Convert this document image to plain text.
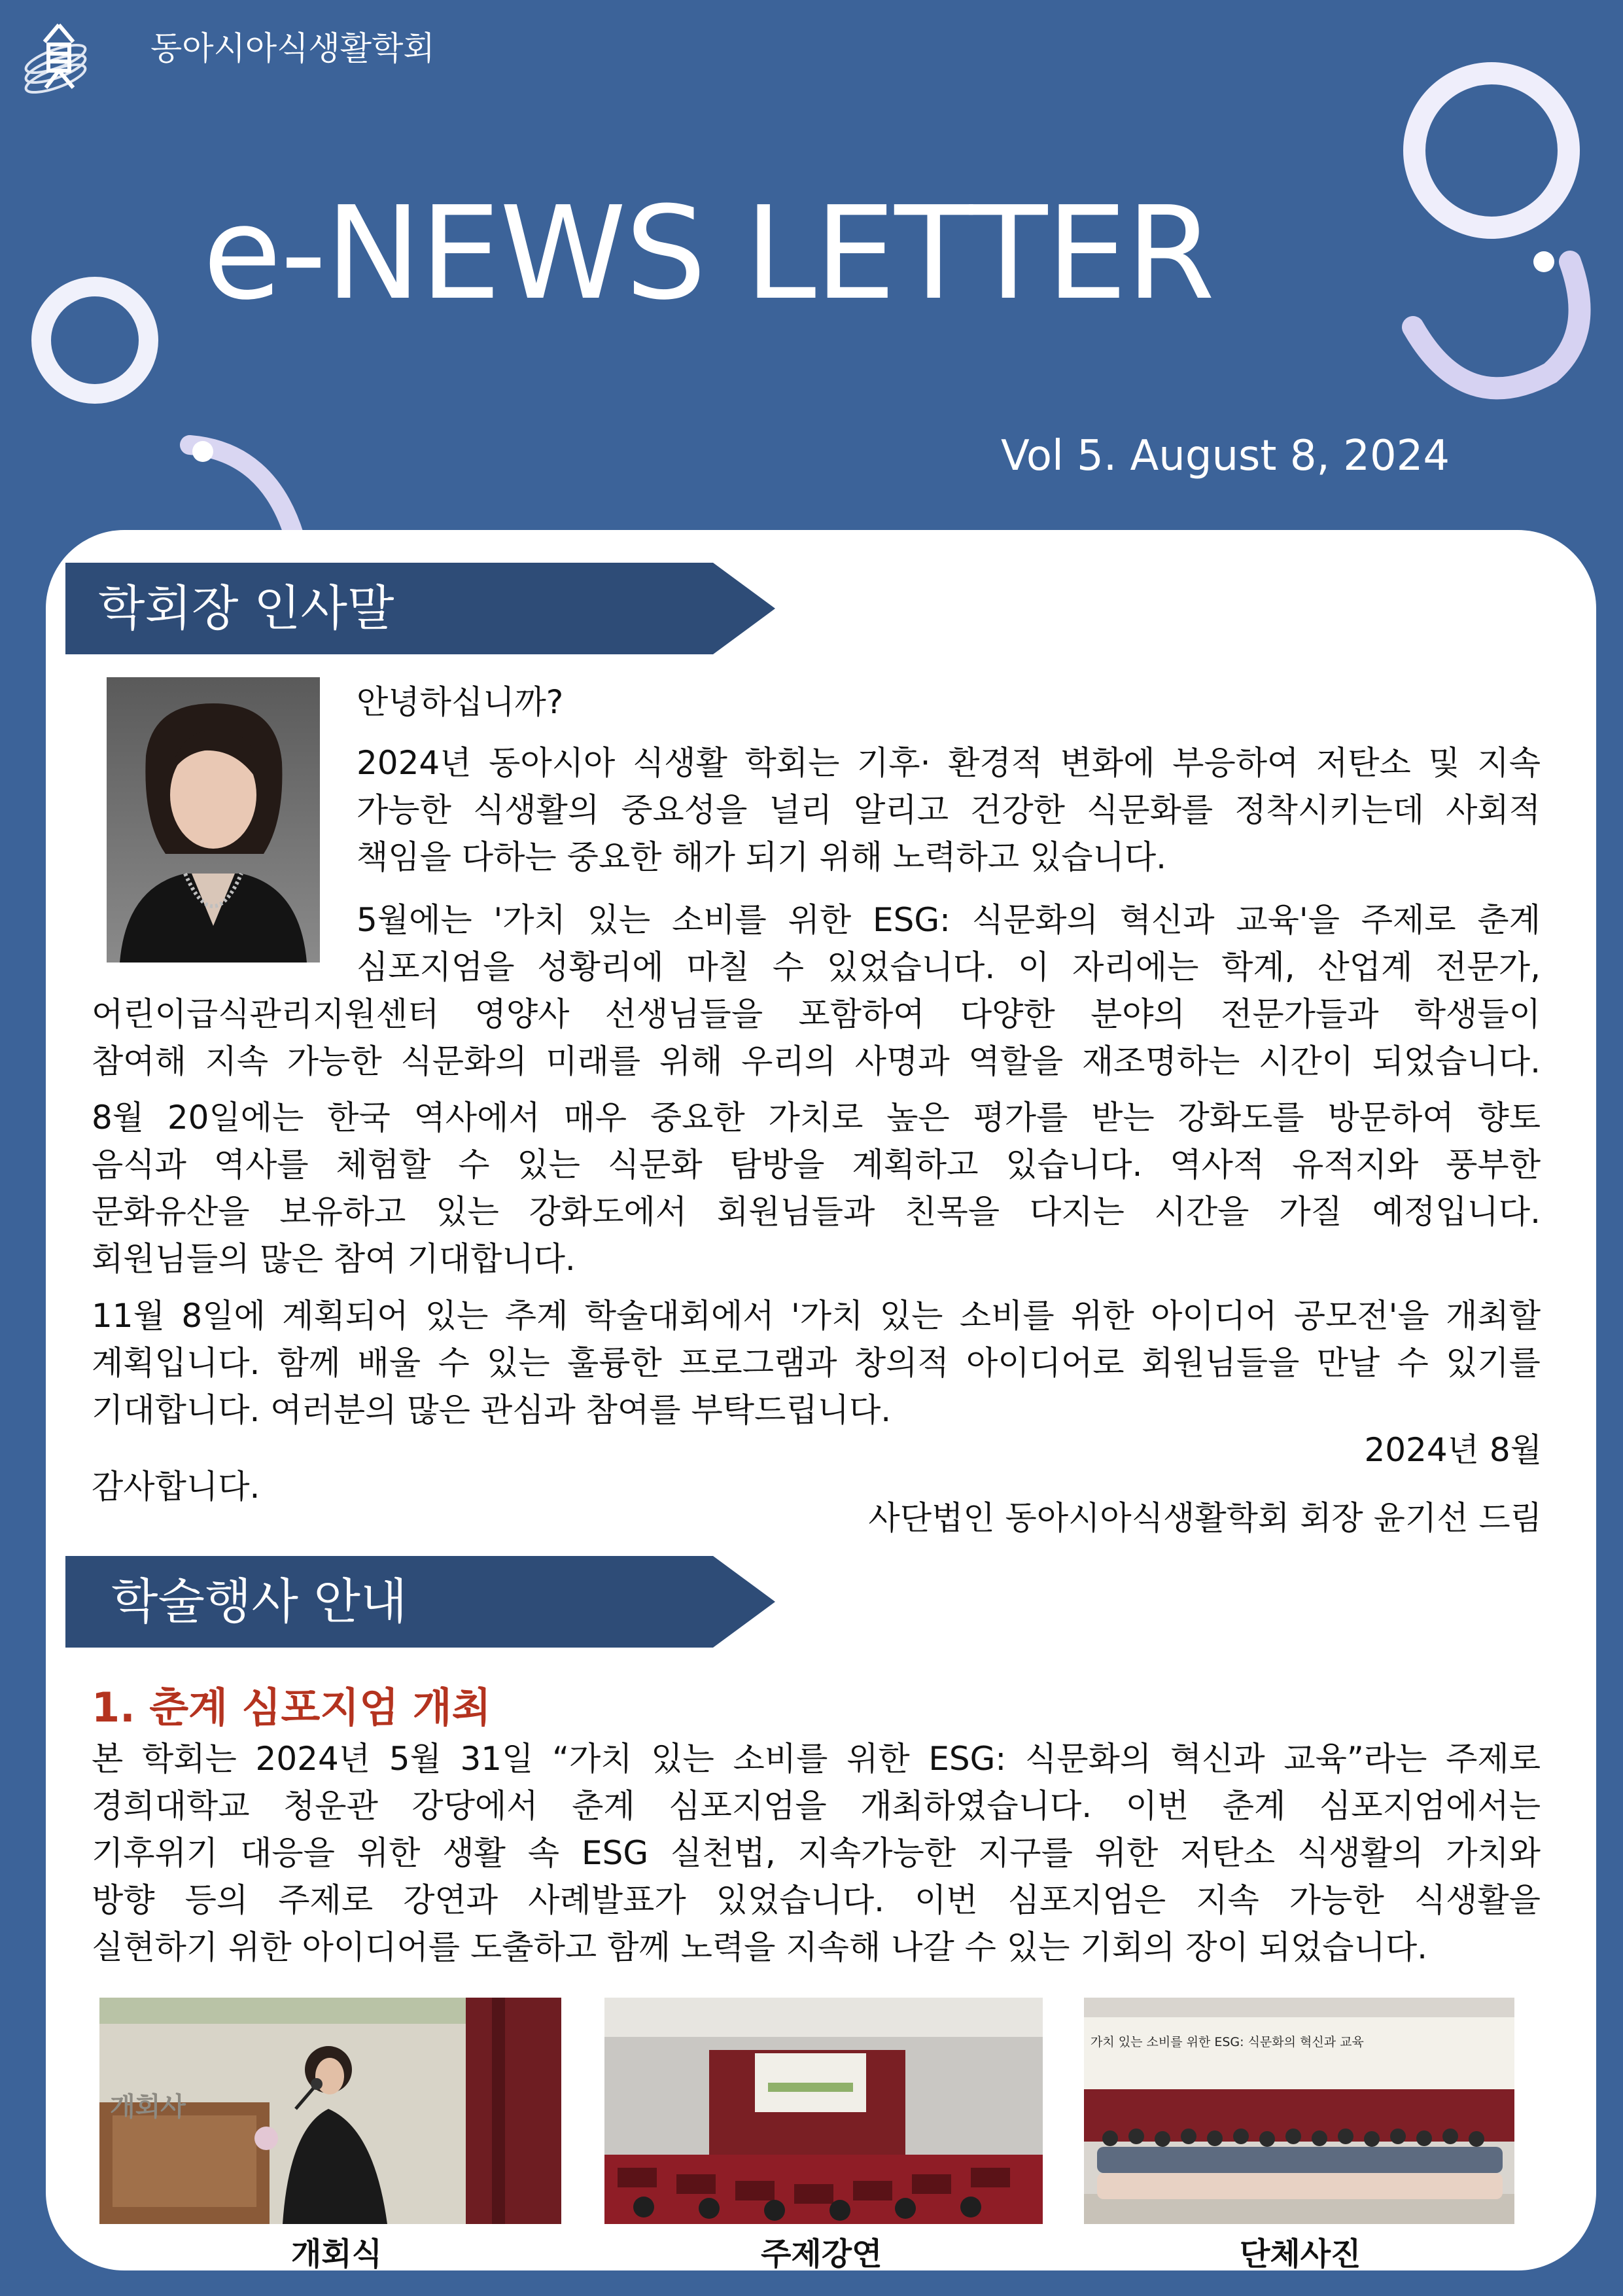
동아시아식생활학회
e-NEWS LETTER
Vol 5. August 8, 2024
학회장 인사말
안녕하십니까?
2024년 동아시아 식생활 학회는 기후· 환경적 변화에 부응하여 저탄소 및 지속
가능한 식생활의 중요성을 널리 알리고 건강한 식문화를 정착시키는데 사회적
책임을 다하는 중요한 해가 되기 위해 노력하고 있습니다.
5월에는 '가치 있는 소비를 위한 ESG: 식문화의 혁신과 교육'을 주제로 춘계
심포지엄을 성황리에 마칠 수 있었습니다. 이 자리에는 학계, 산업계 전문가,
어린이급식관리지원센터 영양사 선생님들을 포함하여 다양한 분야의 전문가들과 학생들이
참여해 지속 가능한 식문화의 미래를 위해 우리의 사명과 역할을 재조명하는 시간이 되었습니다.
8월 20일에는 한국 역사에서 매우 중요한 가치로 높은 평가를 받는 강화도를 방문하여 향토
음식과 역사를 체험할 수 있는 식문화 탐방을 계획하고 있습니다. 역사적 유적지와 풍부한
문화유산을 보유하고 있는 강화도에서 회원님들과 친목을 다지는 시간을 가질 예정입니다.
회원님들의 많은 참여 기대합니다.
11월 8일에 계획되어 있는 추계 학술대회에서 '가치 있는 소비를 위한 아이디어 공모전'을 개최할
계획입니다. 함께 배울 수 있는 훌륭한 프로그램과 창의적 아이디어로 회원님들을 만날 수 있기를
기대합니다. 여러분의 많은 관심과 참여를 부탁드립니다.
감사합니다.
2024년 8월
사단법인 동아시아식생활학회 회장 윤기선 드림
학술행사 안내
1. 춘계 심포지엄 개최
본 학회는 2024년 5월 31일 “가치 있는 소비를 위한 ESG: 식문화의 혁신과 교육”라는 주제로
경희대학교 청운관 강당에서 춘계 심포지엄을 개최하였습니다. 이번 춘계 심포지엄에서는
기후위기 대응을 위한 생활 속 ESG 실천법, 지속가능한 지구를 위한 저탄소 식생활의 가치와
방향 등의 주제로 강연과 사례발표가 있었습니다. 이번 심포지엄은 지속 가능한 식생활을
실현하기 위한 아이디어를 도출하고 함께 노력을 지속해 나갈 수 있는 기회의 장이 되었습니다.
개회사
가치 있는 소비를 위한 ESG: 식문화의 혁신과 교육
개회식	주제강연	단체사진
